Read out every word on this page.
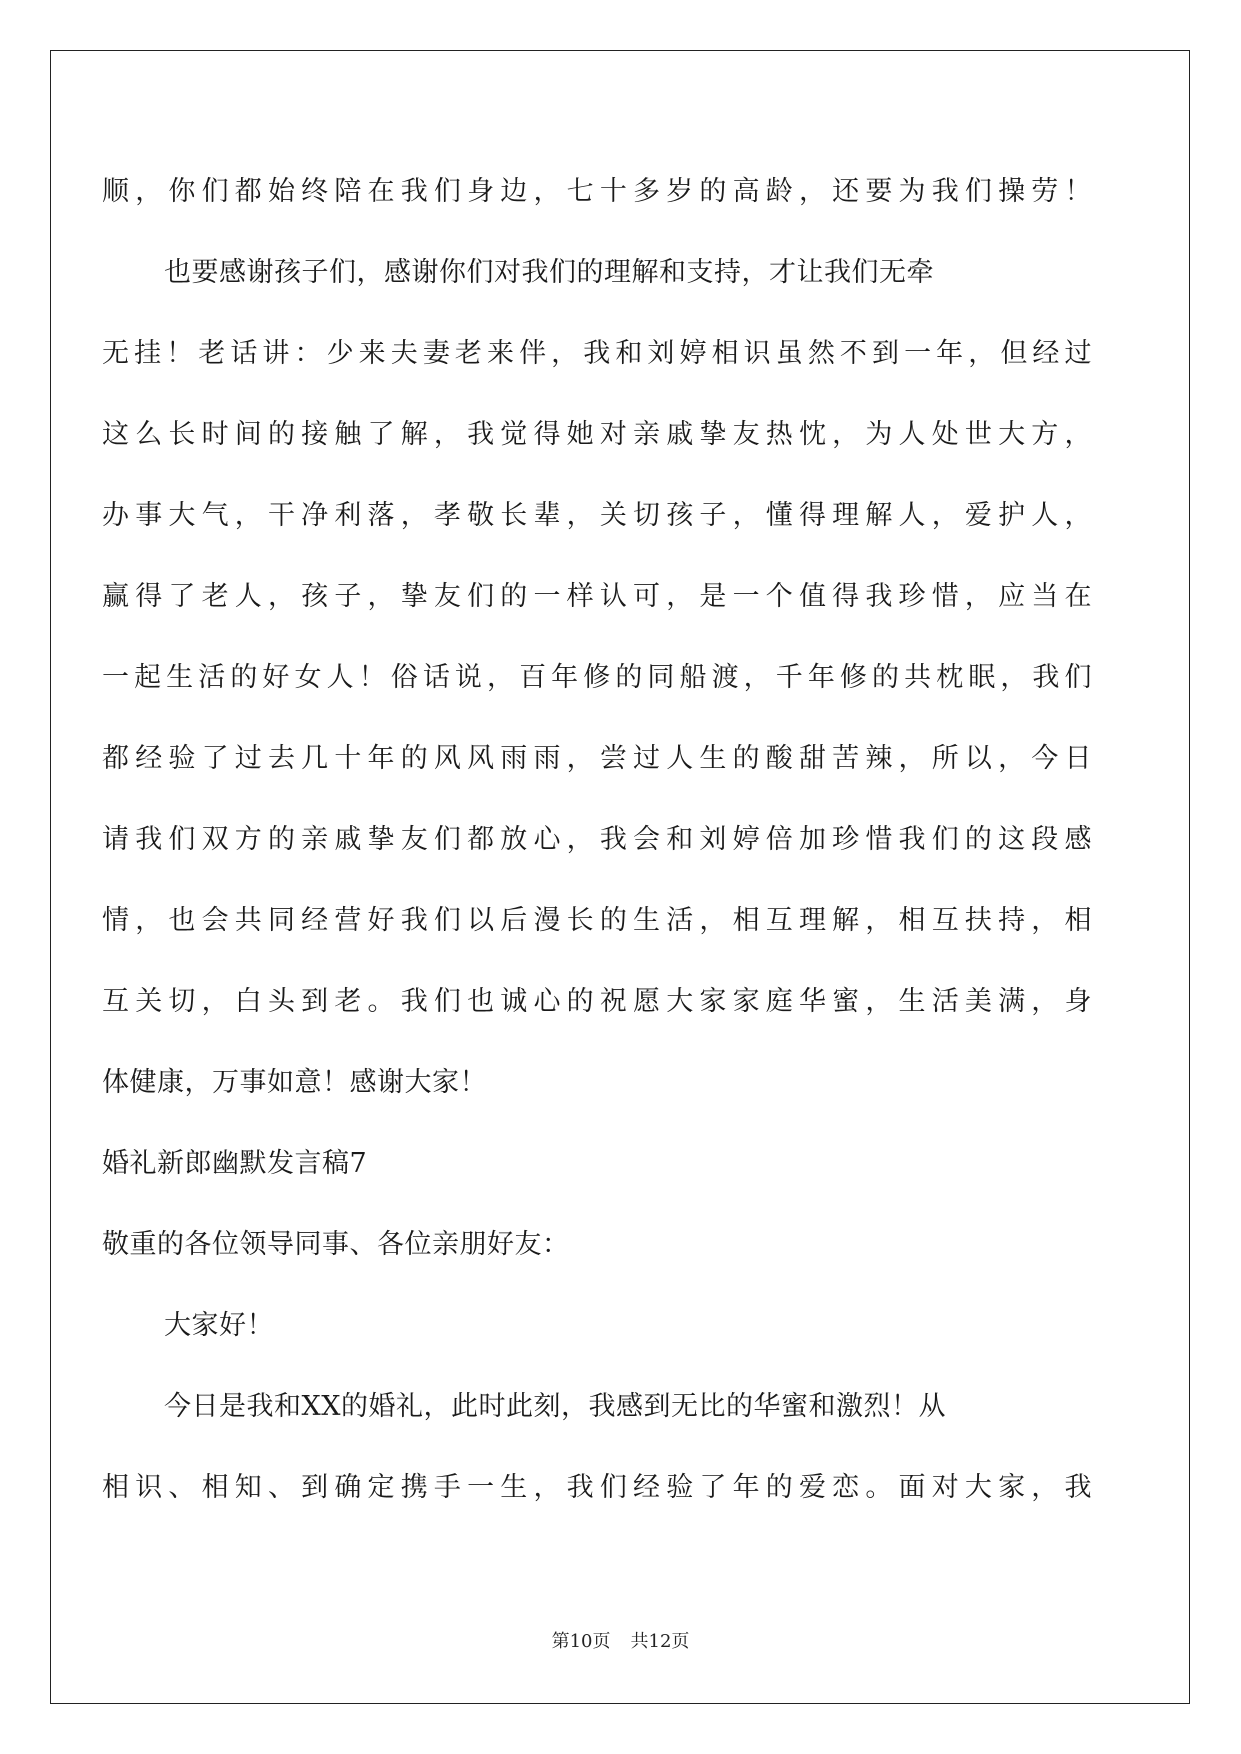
顺，你们都始终陪在我们身边，七十多岁的高龄，还要为我们操劳！
也要感谢孩子们，感谢你们对我们的理解和支持，才让我们无牵
无挂！老话讲：少来夫妻老来伴，我和刘婷相识虽然不到一年，但经过
这么长时间的接触了解，我觉得她对亲戚挚友热忱，为人处世大方，
办事大气，干净利落，孝敬长辈，关切孩子，懂得理解人，爱护人，
赢得了老人，孩子，挚友们的一样认可，是一个值得我珍惜，应当在
一起生活的好女人！俗话说，百年修的同船渡，千年修的共枕眠，我们
都经验了过去几十年的风风雨雨，尝过人生的酸甜苦辣，所以，今日
请我们双方的亲戚挚友们都放心，我会和刘婷倍加珍惜我们的这段感
情，也会共同经营好我们以后漫长的生活，相互理解，相互扶持，相
互关切，白头到老。我们也诚心的祝愿大家家庭华蜜，生活美满，身
体健康，万事如意！感谢大家！
婚礼新郎幽默发言稿7
敬重的各位领导同事、各位亲朋好友：
大家好！
今日是我和XX的婚礼，此时此刻，我感到无比的华蜜和激烈！从
相识、相知、到确定携手一生，我们经验了年的爱恋。面对大家，我
第10页 共12页
